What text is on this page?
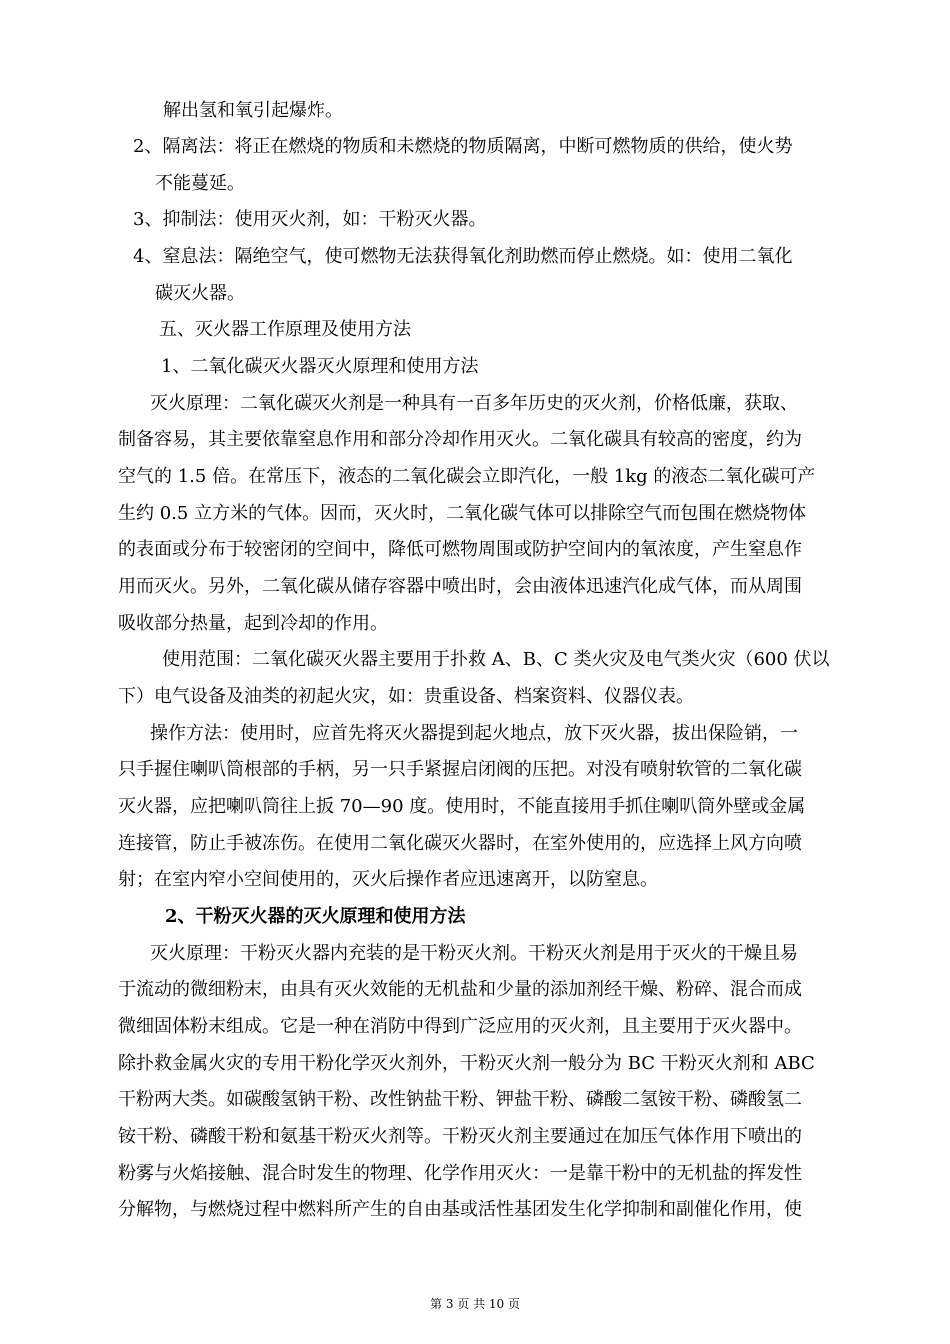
解出氢和氧引起爆炸。
2、隔离法：将正在燃烧的物质和未燃烧的物质隔离，中断可燃物质的供给，使火势
不能蔓延。
3、抑制法：使用灭火剂，如：干粉灭火器。
4、窒息法：隔绝空气，使可燃物无法获得氧化剂助燃而停止燃烧。如：使用二氧化
碳灭火器。
五、灭火器工作原理及使用方法
1、二氧化碳灭火器灭火原理和使用方法
灭火原理：二氧化碳灭火剂是一种具有一百多年历史的灭火剂，价格低廉，获取、
制备容易，其主要依靠窒息作用和部分冷却作用灭火。二氧化碳具有较高的密度，约为
空气的 1.5 倍。在常压下，液态的二氧化碳会立即汽化，一般 1kg 的液态二氧化碳可产
生约 0.5 立方米的气体。因而，灭火时，二氧化碳气体可以排除空气而包围在燃烧物体
的表面或分布于较密闭的空间中，降低可燃物周围或防护空间内的氧浓度，产生窒息作
用而灭火。另外，二氧化碳从储存容器中喷出时，会由液体迅速汽化成气体，而从周围
吸收部分热量，起到冷却的作用。
使用范围：二氧化碳灭火器主要用于扑救 A、B、C 类火灾及电气类火灾（600 伏以
下）电气设备及油类的初起火灾，如：贵重设备、档案资料、仪器仪表。
操作方法：使用时，应首先将灭火器提到起火地点，放下灭火器，拔出保险销，一
只手握住喇叭筒根部的手柄，另一只手紧握启闭阀的压把。对没有喷射软管的二氧化碳
灭火器，应把喇叭筒往上扳 70—90 度。使用时，不能直接用手抓住喇叭筒外壁或金属
连接管，防止手被冻伤。在使用二氧化碳灭火器时，在室外使用的，应选择上风方向喷
射；在室内窄小空间使用的，灭火后操作者应迅速离开，以防窒息。
2、干粉灭火器的灭火原理和使用方法
灭火原理：干粉灭火器内充装的是干粉灭火剂。干粉灭火剂是用于灭火的干燥且易
于流动的微细粉末，由具有灭火效能的无机盐和少量的添加剂经干燥、粉碎、混合而成
微细固体粉末组成。它是一种在消防中得到广泛应用的灭火剂，且主要用于灭火器中。
除扑救金属火灾的专用干粉化学灭火剂外，干粉灭火剂一般分为 BC 干粉灭火剂和 ABC
干粉两大类。如碳酸氢钠干粉、改性钠盐干粉、钾盐干粉、磷酸二氢铵干粉、磷酸氢二
铵干粉、磷酸干粉和氨基干粉灭火剂等。干粉灭火剂主要通过在加压气体作用下喷出的
粉雾与火焰接触、混合时发生的物理、化学作用灭火：一是靠干粉中的无机盐的挥发性
分解物，与燃烧过程中燃料所产生的自由基或活性基团发生化学抑制和副催化作用，使
第 3 页 共 10 页
